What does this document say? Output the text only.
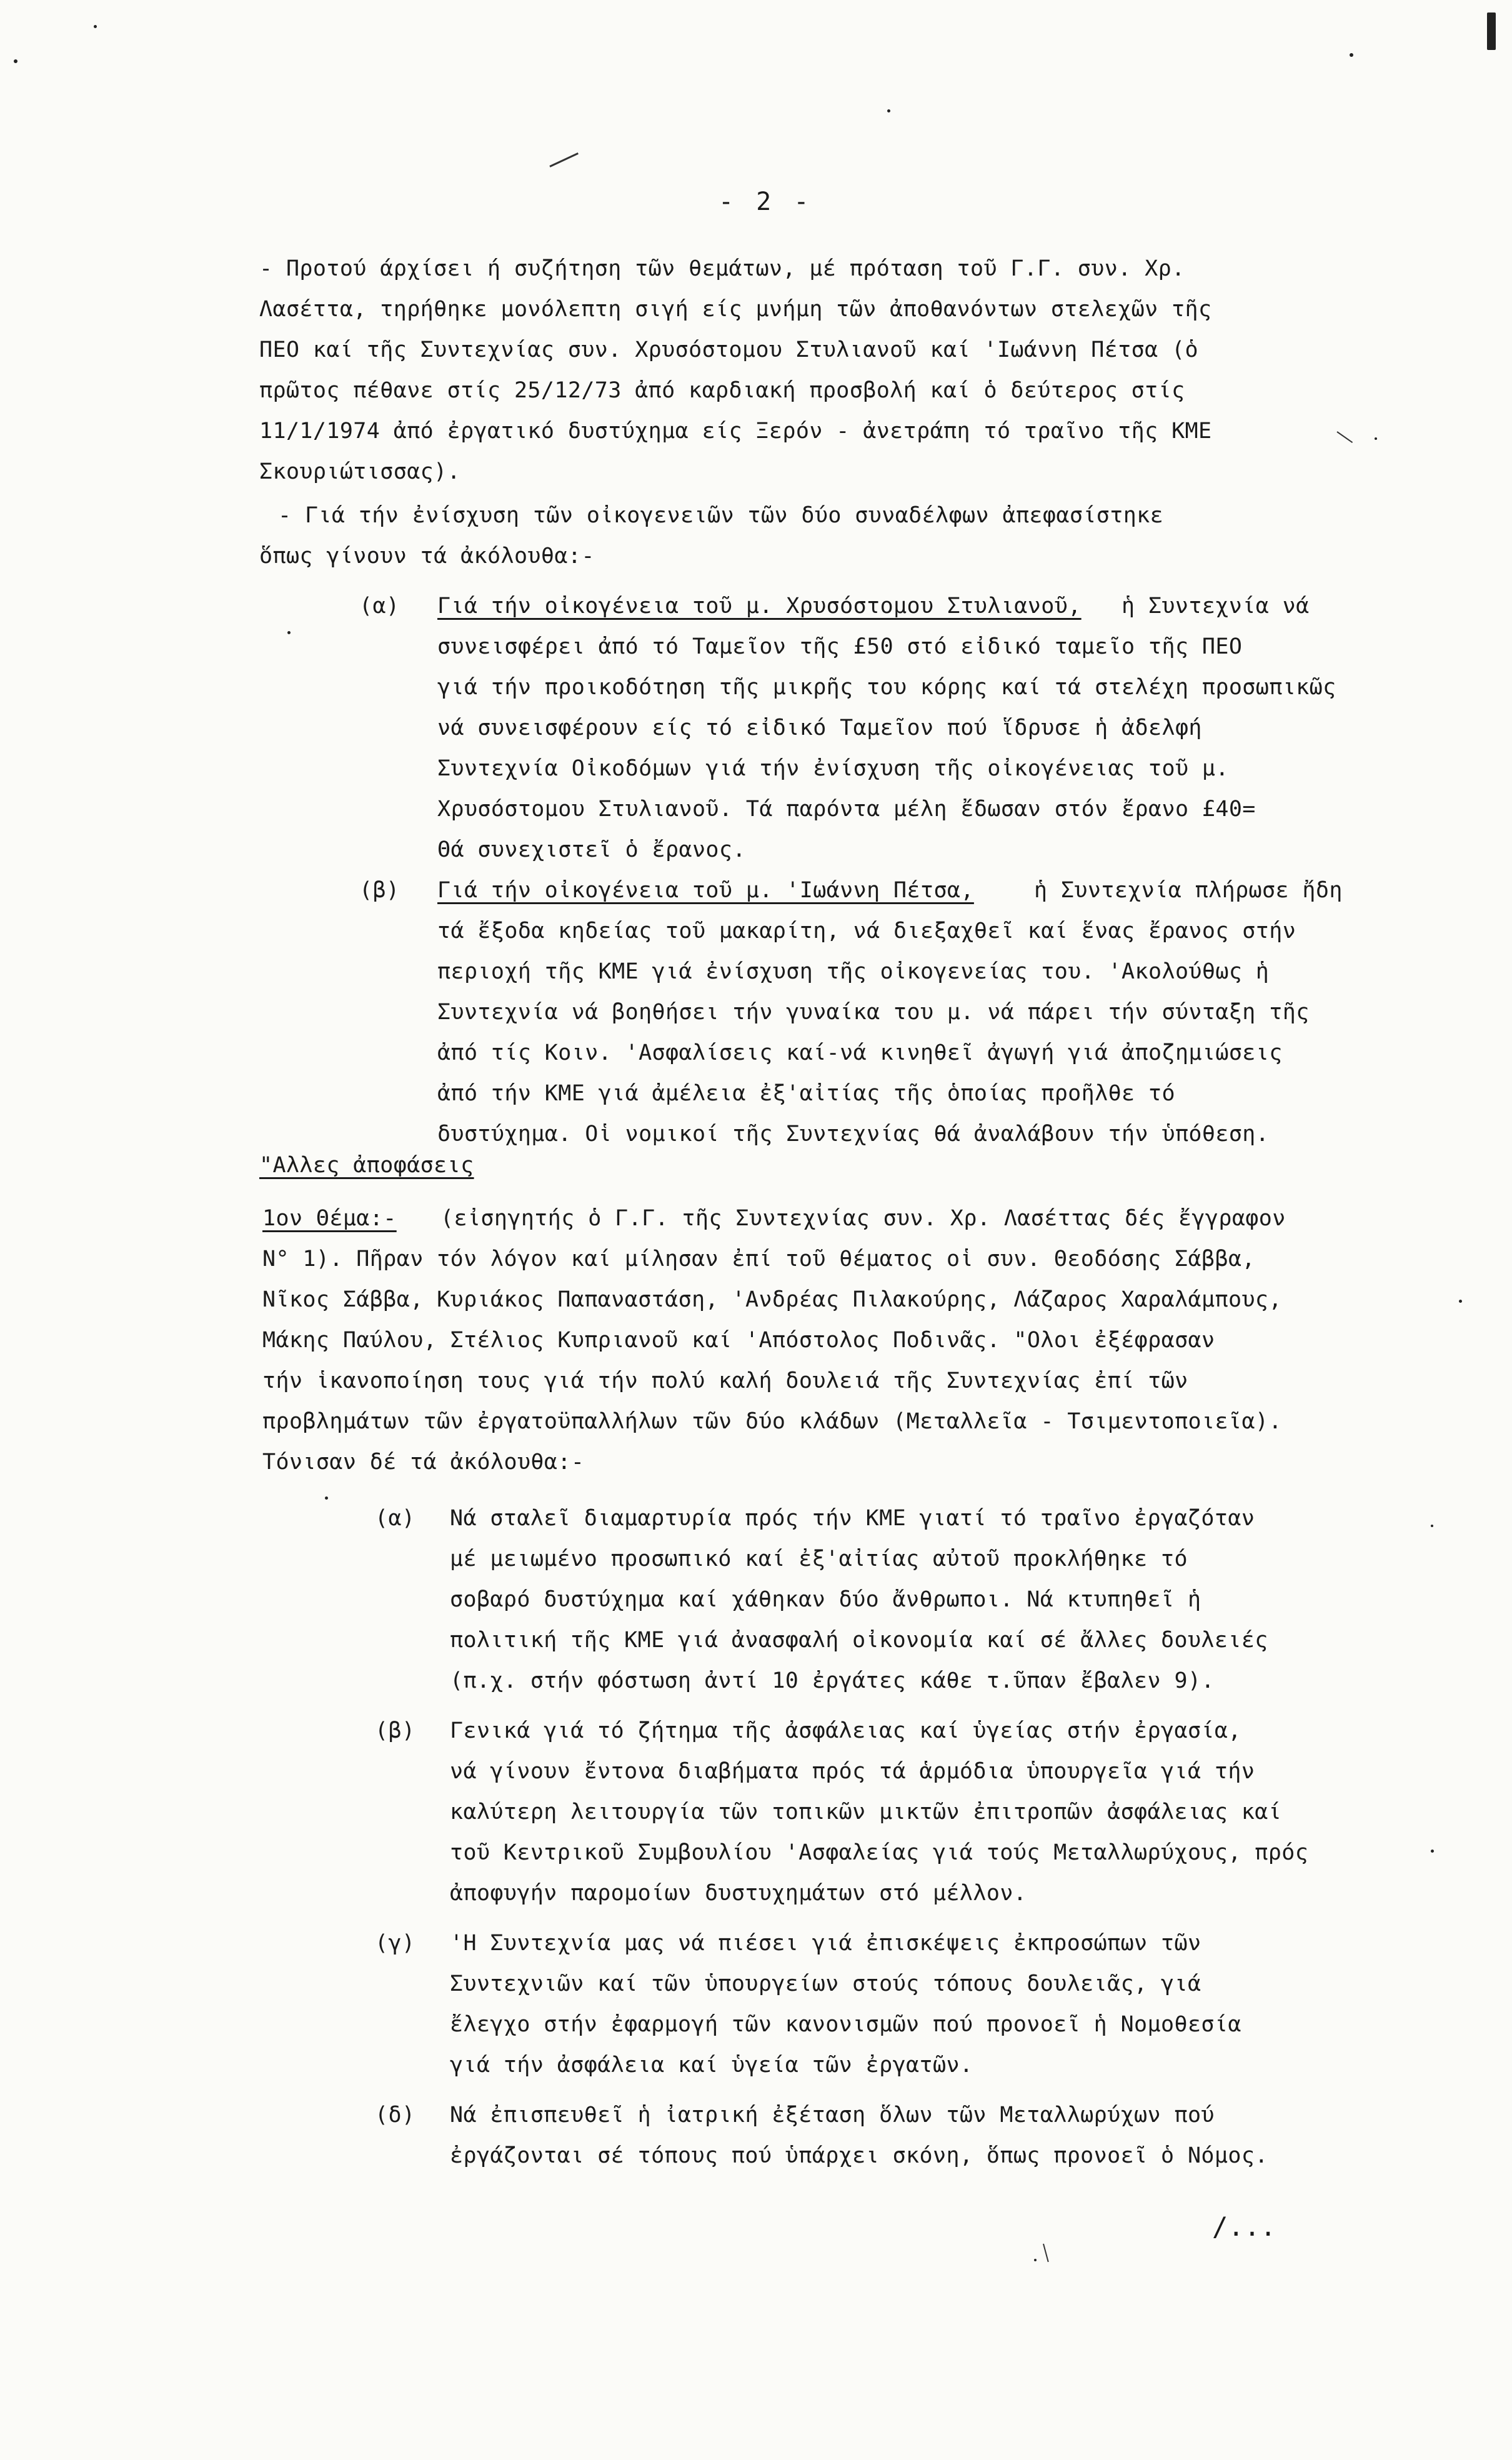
- 2 -
- Προτού άρχίσει ή συζήτηση τῶν θεμάτων, μέ πρόταση τοῦ Γ.Γ. συν. Χρ.
Λασέττα, τηρήθηκε μονόλεπτη σιγή είς μνήμη τῶν ἀποθανόντων στελεχῶν τῆς
ΠΕΟ καί τῆς Συντεχνίας συν. Χρυσόστομου Στυλιανοῦ καί 'Ιωάννη Πέτσα (ὁ
πρῶτος πέθανε στίς 25/12/73 ἀπό καρδιακή προσβολή καί ὁ δεύτερος στίς
11/1/1974 ἀπό ἐργατικό δυστύχημα είς Ξερόν - ἀνετράπη τό τραῖνο τῆς ΚΜΕ
Σκουριώτισσας).
- Γιά τήν ἐνίσχυση τῶν οἰκογενειῶν τῶν δύο συναδέλφων ἀπεφασίστηκε
ὅπως γίνουν τά ἀκόλουθα:-
(α) Γιά τήν οἰκογένεια τοῦ μ. Χρυσόστομου Στυλιανοῦ, ἡ Συντεχνία νά
συνεισφέρει ἀπό τό Ταμεῖον τῆς £50 στό εἰδικό ταμεῖο τῆς ΠΕΟ
γιά τήν προικοδότηση τῆς μικρῆς του κόρης καί τά στελέχη προσωπικῶς
νά συνεισφέρουν είς τό εἰδικό Ταμεῖον πού ἵδρυσε ἡ ἀδελφή
Συντεχνία Οἰκοδόμων γιά τήν ἐνίσχυση τῆς οἰκογένειας τοῦ μ.
Χρυσόστομου Στυλιανοῦ. Τά παρόντα μέλη ἔδωσαν στόν ἔρανο £40=
Θά συνεχιστεῖ ὁ ἔρανος.
(β) Γιά τήν οἰκογένεια τοῦ μ. 'Ιωάννη Πέτσα,	ἡ Συντεχνία πλήρωσε ἤδη
τά ἔξοδα κηδείας τοῦ μακαρίτη, νά διεξαχθεῖ καί ἕνας ἔρανος στήν
περιοχή τῆς ΚΜΕ γιά ἐνίσχυση τῆς οἰκογενείας του. 'Ακολούθως ἡ
Συντεχνία νά βοηθήσει τήν γυναίκα του μ. νά πάρει τήν σύνταξη τῆς
ἀπό τίς Κοιν. 'Ασφαλίσεις καί-νά κινηθεῖ ἀγωγή γιά ἀποζημιώσεις
ἀπό τήν ΚΜΕ γιά ἀμέλεια ἐξ'αἰτίας τῆς ὁποίας προῆλθε τό
δυστύχημα. Οἱ νομικοί τῆς Συντεχνίας θά ἀναλάβουν τήν ὑπόθεση.
"Αλλες ἀποφάσεις
1ον Θέμα:- (εἰσηγητής ὁ Γ.Γ. τῆς Συντεχνίας συν. Χρ. Λασέττας δές ἔγγραφον
Ν° 1). Πῆραν τόν λόγον καί μίλησαν ἐπί τοῦ θέματος οἱ συν. Θεοδόσης Σάββα,
Νῖκος Σάββα, Κυριάκος Παπαναστάση, 'Ανδρέας Πιλακούρης, Λάζαρος Χαραλάμπους,
Μάκης Παύλου, Στέλιος Κυπριανοῦ καί 'Απόστολος Ποδινᾶς. "Ολοι ἐξέφρασαν
τήν ἱκανοποίηση τους γιά τήν πολύ καλή δουλειά τῆς Συντεχνίας ἐπί τῶν
προβλημάτων τῶν ἐργατοϋπαλλήλων τῶν δύο κλάδων (Μεταλλεῖα - Τσιμεντοποιεῖα).
Τόνισαν δέ τά ἀκόλουθα:-
(α) Νά σταλεῖ διαμαρτυρία πρός τήν ΚΜΕ γιατί τό τραῖνο ἐργαζόταν
μέ μειωμένο προσωπικό καί ἐξ'αἰτίας αὐτοῦ προκλήθηκε τό
σοβαρό δυστύχημα καί χάθηκαν δύο ἄνθρωποι. Νά κτυπηθεῖ ἡ
πολιτική τῆς ΚΜΕ γιά ἀνασφαλή οἰκονομία καί σέ ἄλλες δουλειές
(π.χ. στήν φόστωση ἀντί 10 ἐργάτες κάθε τ.ῦπαν ἔβαλεν 9).
(β) Γενικά γιά τό ζήτημα τῆς ἀσφάλειας καί ὑγείας στήν ἐργασία,
νά γίνουν ἔντονα διαβήματα πρός τά ἁρμόδια ὑπουργεῖα γιά τήν
καλύτερη λειτουργία τῶν τοπικῶν μικτῶν ἐπιτροπῶν ἀσφάλειας καί
τοῦ Κεντρικοῦ Συμβουλίου 'Ασφαλείας γιά τούς Μεταλλωρύχους, πρός
ἀποφυγήν παρομοίων δυστυχημάτων στό μέλλον.
(γ) 'Η Συντεχνία μας νά πιέσει γιά ἐπισκέψεις ἐκπροσώπων τῶν
Συντεχνιῶν καί τῶν ὑπουργείων στούς τόπους δουλειᾶς, γιά
ἔλεγχο στήν ἐφαρμογή τῶν κανονισμῶν πού προνοεῖ ἡ Νομοθεσία
γιά τήν ἀσφάλεια καί ὑγεία τῶν ἐργατῶν.
(δ) Νά ἐπισπευθεῖ ἡ ἰατρική ἐξέταση ὅλων τῶν Μεταλλωρύχων πού
ἐργάζονται σέ τόπους πού ὑπάρχει σκόνη, ὅπως προνοεῖ ὁ Νόμος.
/...
